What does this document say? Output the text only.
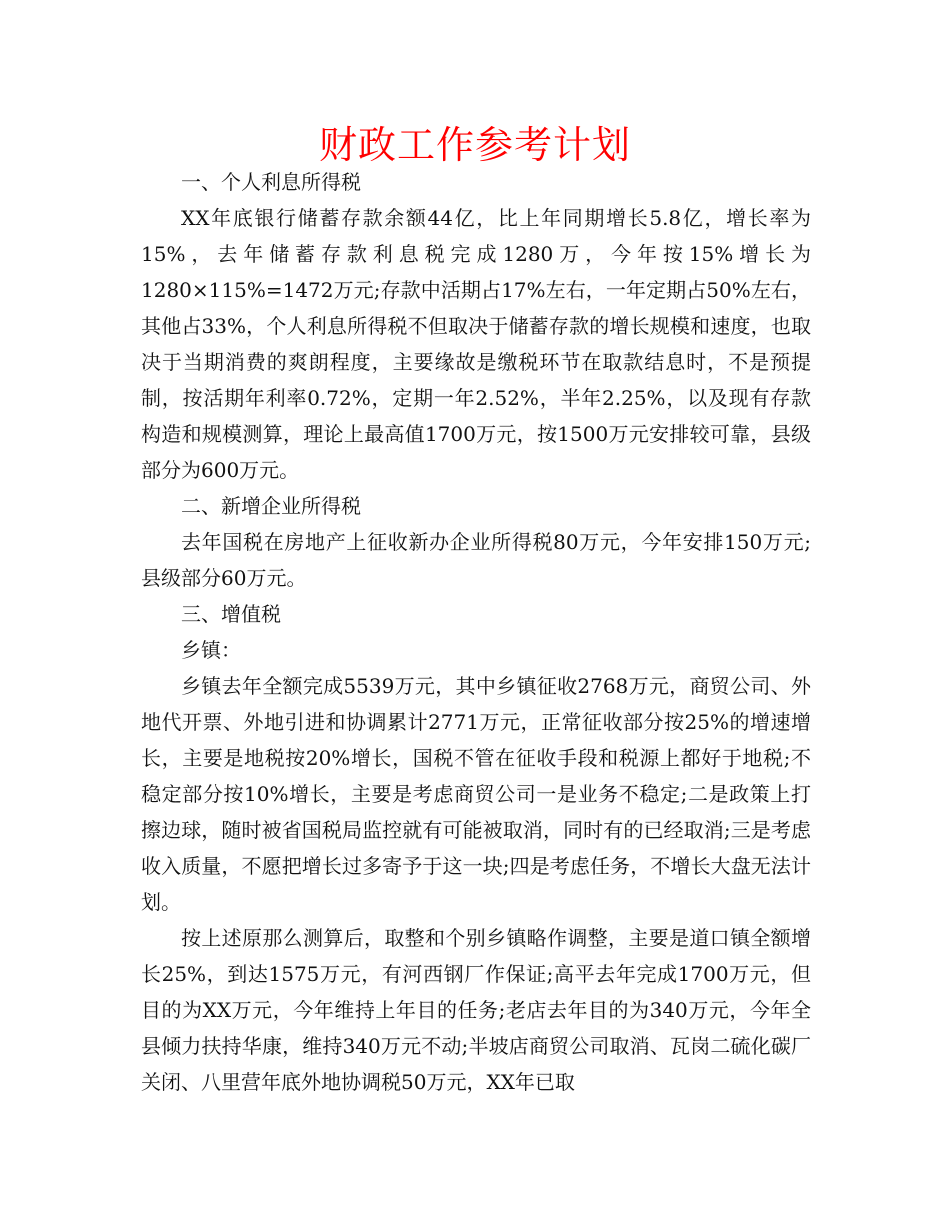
财政工作参考计划

一、个人利息所得税

XX年底银行储蓄存款余额44亿，比上年同期增长5.8亿，增长率为15%，去年储蓄存款利息税完成1280万，今年按15%增长为1280×115%=1472万元;存款中活期占17%左右，一年定期占50%左右，其他占33%，个人利息所得税不但取决于储蓄存款的增长规模和速度，也取决于当期消费的爽朗程度，主要缘故是缴税环节在取款结息时，不是预提制，按活期年利率0.72%，定期一年2.52%，半年2.25%，以及现有存款构造和规模测算，理论上最高值1700万元，按1500万元安排较可靠，县级部分为600万元。

二、新增企业所得税

去年国税在房地产上征收新办企业所得税80万元，今年安排150万元;县级部分60万元。

三、增值税

乡镇：

乡镇去年全额完成5539万元，其中乡镇征收2768万元，商贸公司、外地代开票、外地引进和协调累计2771万元，正常征收部分按25%的增速增长，主要是地税按20%增长，国税不管在征收手段和税源上都好于地税;不稳定部分按10%增长，主要是考虑商贸公司一是业务不稳定;二是政策上打擦边球，随时被省国税局监控就有可能被取消，同时有的已经取消;三是考虑收入质量，不愿把增长过多寄予于这一块;四是考虑任务，不增长大盘无法计划。

按上述原那么测算后，取整和个别乡镇略作调整，主要是道口镇全额增长25%，到达1575万元，有河西钢厂作保证;高平去年完成1700万元，但目的为XX万元，今年维持上年目的任务;老店去年目的为340万元，今年全县倾力扶持华康，维持340万元不动;半坡店商贸公司取消、瓦岗二硫化碳厂关闭、八里营年底外地协调税50万元，XX年已取
